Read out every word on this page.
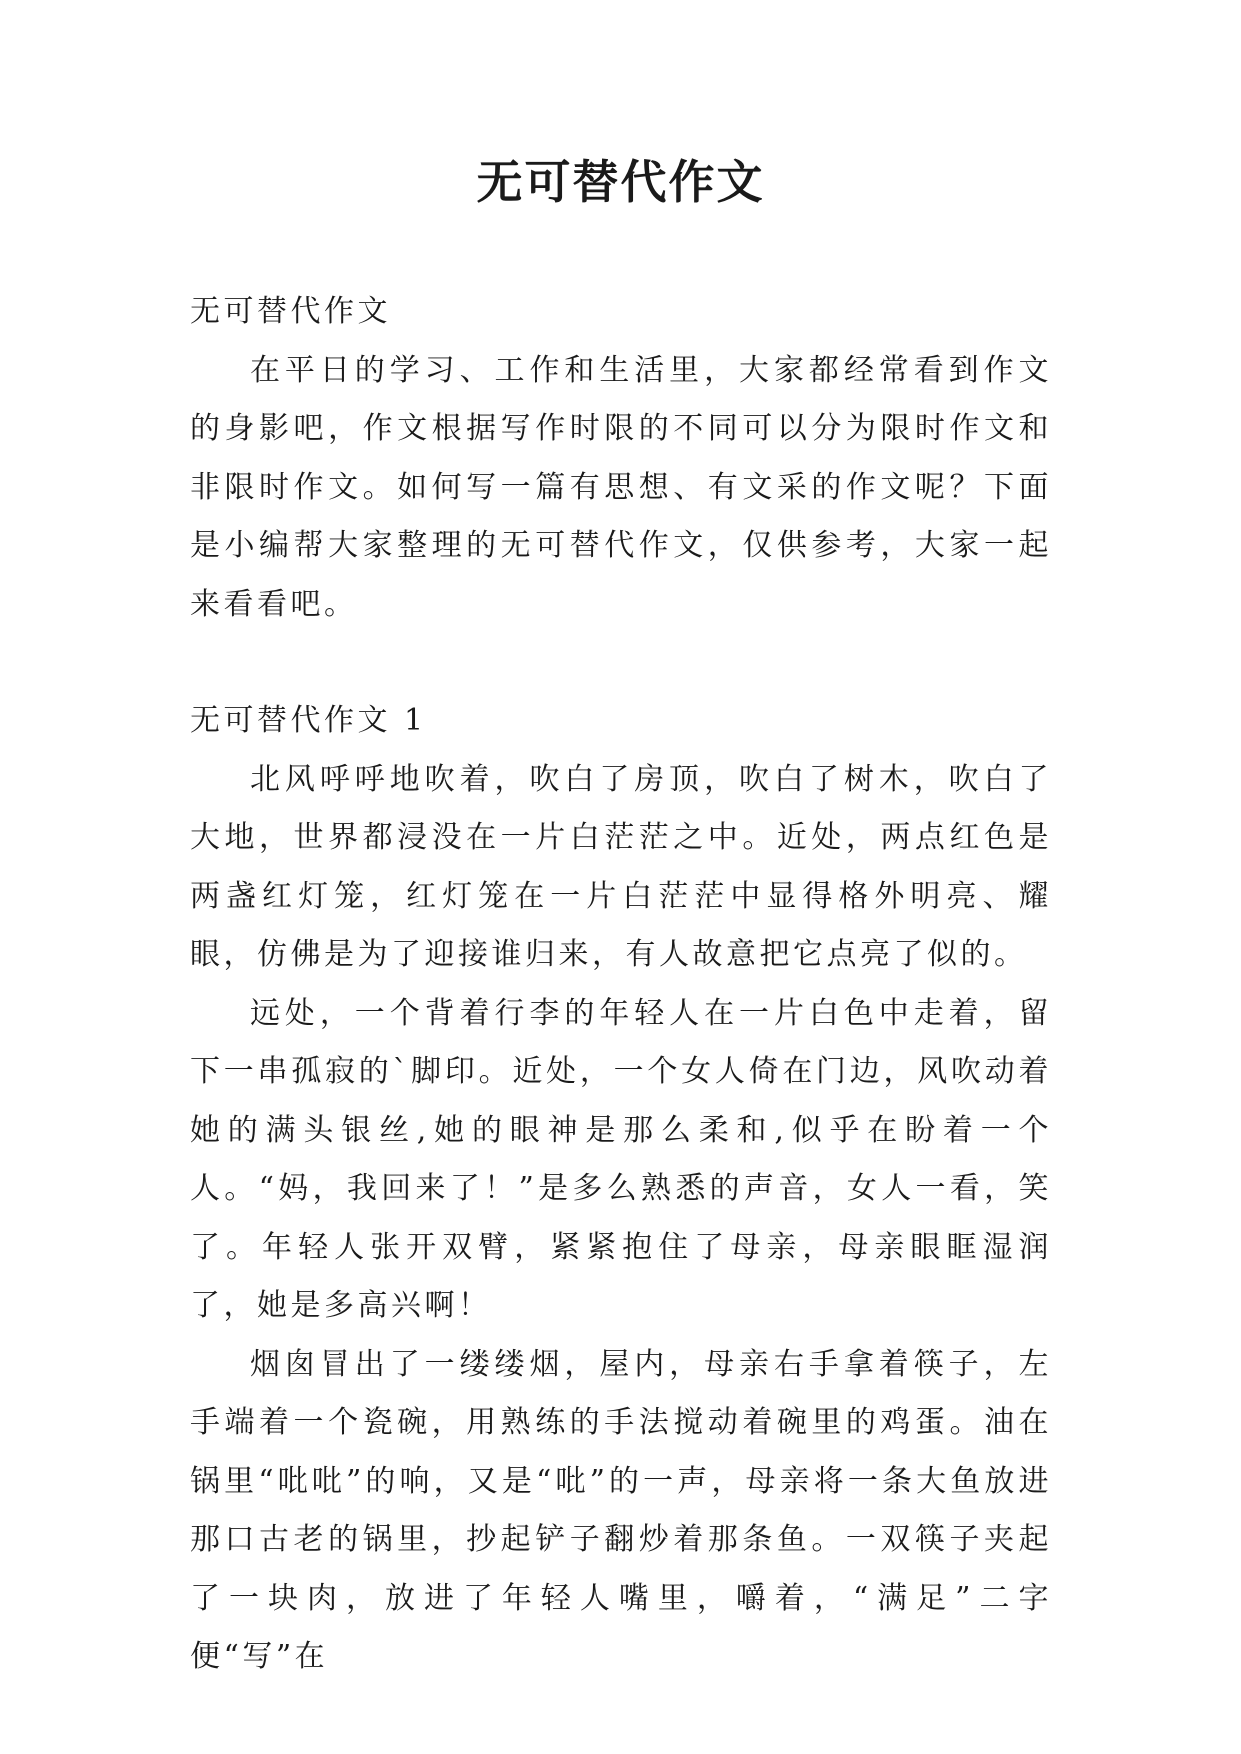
无可替代作文

无可替代作文

在平日的学习、工作和生活里，大家都经常看到作文的身影吧，作文根据写作时限的不同可以分为限时作文和非限时作文。如何写一篇有思想、有文采的作文呢？下面是小编帮大家整理的无可替代作文，仅供参考，大家一起来看看吧。

无可替代作文 1

北风呼呼地吹着，吹白了房顶，吹白了树木，吹白了大地，世界都浸没在一片白茫茫之中。近处，两点红色是两盏红灯笼，红灯笼在一片白茫茫中显得格外明亮、耀眼，仿佛是为了迎接谁归来，有人故意把它点亮了似的。

远处，一个背着行李的年轻人在一片白色中走着，留下一串孤寂的`脚印。近处，一个女人倚在门边，风吹动着她的满头银丝,她的眼神是那么柔和,似乎在盼着一个人。“妈，我回来了！”是多么熟悉的声音，女人一看，笑了。年轻人张开双臂，紧紧抱住了母亲，母亲眼眶湿润了，她是多高兴啊！

烟囱冒出了一缕缕烟，屋内，母亲右手拿着筷子，左手端着一个瓷碗，用熟练的手法搅动着碗里的鸡蛋。油在锅里“吡吡”的响，又是“吡”的一声，母亲将一条大鱼放进那口古老的锅里，抄起铲子翻炒着那条鱼。一双筷子夹起了一块肉，放进了年轻人嘴里，嚼着，“满足”二字便“写”在
